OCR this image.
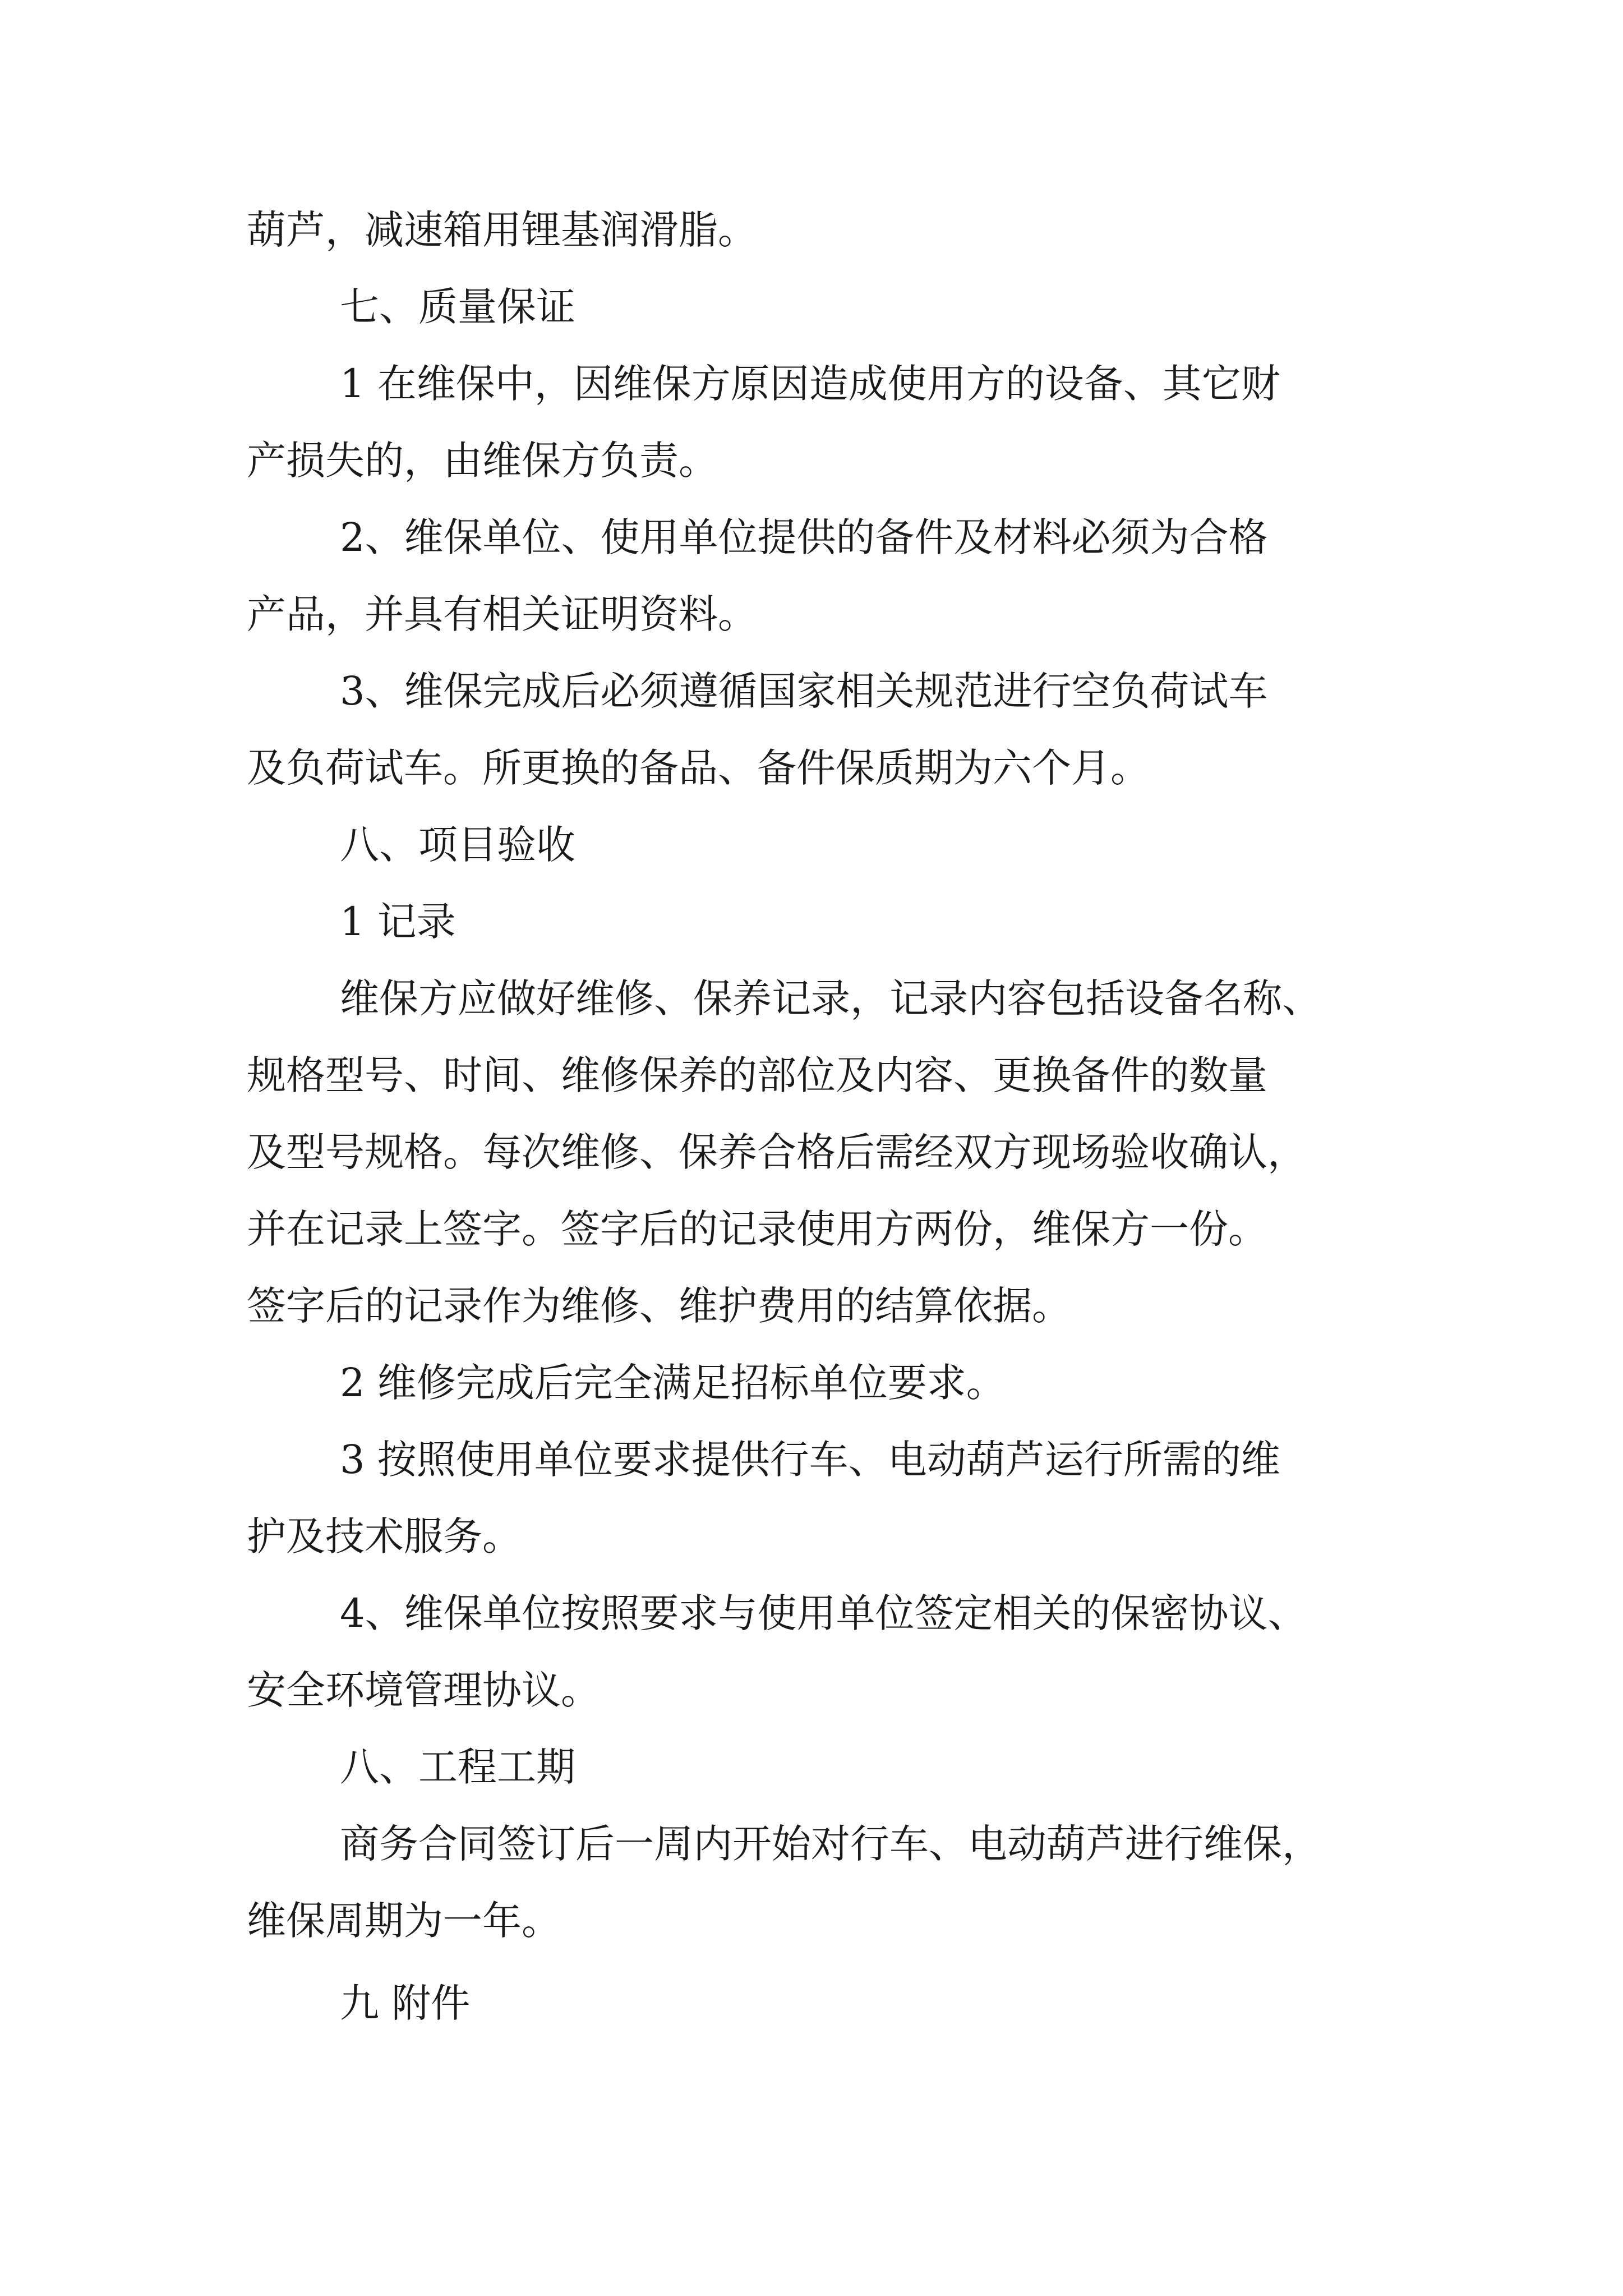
葫芦，减速箱用锂基润滑脂。

七、质量保证

1 在维保中，因维保方原因造成使用方的设备、其它财

产损失的，由维保方负责。

2、维保单位、使用单位提供的备件及材料必须为合格

产品，并具有相关证明资料。

3、维保完成后必须遵循国家相关规范进行空负荷试车

及负荷试车。所更换的备品、备件保质期为六个月。

八、项目验收

1 记录

维保方应做好维修、保养记录，记录内容包括设备名称、

规格型号、时间、维修保养的部位及内容、更换备件的数量

及型号规格。每次维修、保养合格后需经双方现场验收确认，

并在记录上签字。签字后的记录使用方两份，维保方一份。

签字后的记录作为维修、维护费用的结算依据。

2 维修完成后完全满足招标单位要求。

3 按照使用单位要求提供行车、电动葫芦运行所需的维

护及技术服务。

4、维保单位按照要求与使用单位签定相关的保密协议、

安全环境管理协议。

八、工程工期

商务合同签订后一周内开始对行车、电动葫芦进行维保，

维保周期为一年。

九 附件
